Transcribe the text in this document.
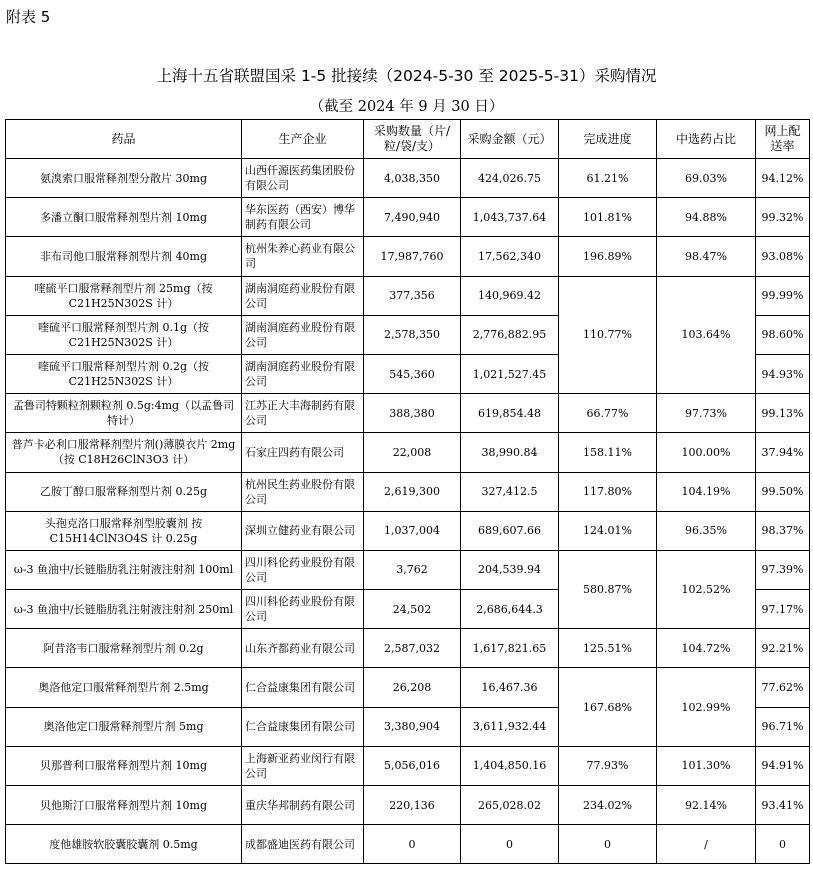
附表 5
上海十五省联盟国采 1-5 批接续（2024-5-30 至 2025-5-31）采购情况
（截至 2024 年 9 月 30 日）
药品	生产企业	采购数量（片/粒/袋/支）	采购金额（元）	完成进度	中选药占比	网上配送率
氨溴索口服常释剂型分散片 30mg	山西仟源医药集团股份有限公司	4,038,350	424,026.75	61.21%	69.03%	94.12%
多潘立酮口服常释剂型片剂 10mg	华东医药（西安）博华制药有限公司	7,490,940	1,043,737.64	101.81%	94.88%	99.32%
非布司他口服常释剂型片剂 40mg	杭州朱养心药业有限公司	17,987,760	17,562,340	196.89%	98.47%	93.08%
喹硫平口服常释剂型片剂 25mg（按 C21H25N302S 计）	湖南洞庭药业股份有限公司	377,356	140,969.42	110.77%	103.64%	99.99%
喹硫平口服常释剂型片剂 0.1g（按 C21H25N302S 计）	湖南洞庭药业股份有限公司	2,578,350	2,776,882.95			98.60%
喹硫平口服常释剂型片剂 0.2g（按 C21H25N302S 计）	湖南洞庭药业股份有限公司	545,360	1,021,527.45			94.93%
孟鲁司特颗粒剂颗粒剂 0.5g:4mg（以孟鲁司特计）	江苏正大丰海制药有限公司	388,380	619,854.48	66.77%	97.73%	99.13%
普芦卡必利口服常释剂型片剂()薄膜衣片 2mg（按 C18H26ClN3O3 计）	石家庄四药有限公司	22,008	38,990.84	158.11%	100.00%	37.94%
乙胺丁醇口服常释剂型片剂 0.25g	杭州民生药业股份有限公司	2,619,300	327,412.5	117.80%	104.19%	99.50%
头孢克洛口服常释剂型胶囊剂 按 C15H14ClN3O4S 计 0.25g	深圳立健药业有限公司	1,037,004	689,607.66	124.01%	96.35%	98.37%
ω-3 鱼油中/长链脂肪乳注射液注射剂 100ml	四川科伦药业股份有限公司	3,762	204,539.94	580.87%	102.52%	97.39%
ω-3 鱼油中/长链脂肪乳注射液注射剂 250ml	四川科伦药业股份有限公司	24,502	2,686,644.3			97.17%
阿昔洛韦口服常释剂型片剂 0.2g	山东齐都药业有限公司	2,587,032	1,617,821.65	125.51%	104.72%	92.21%
奥洛他定口服常释剂型片剂 2.5mg	仁合益康集团有限公司	26,208	16,467.36	167.68%	102.99%	77.62%
奥洛他定口服常释剂型片剂 5mg	仁合益康集团有限公司	3,380,904	3,611,932.44			96.71%
贝那普利口服常释剂型片剂 10mg	上海新亚药业闵行有限公司	5,056,016	1,404,850.16	77.93%	101.30%	94.91%
贝他斯汀口服常释剂型片剂 10mg	重庆华邦制药有限公司	220,136	265,028.02	234.02%	92.14%	93.41%
度他雄胺软胶囊胶囊剂 0.5mg	成都盛迪医药有限公司	0	0	0	/	0
